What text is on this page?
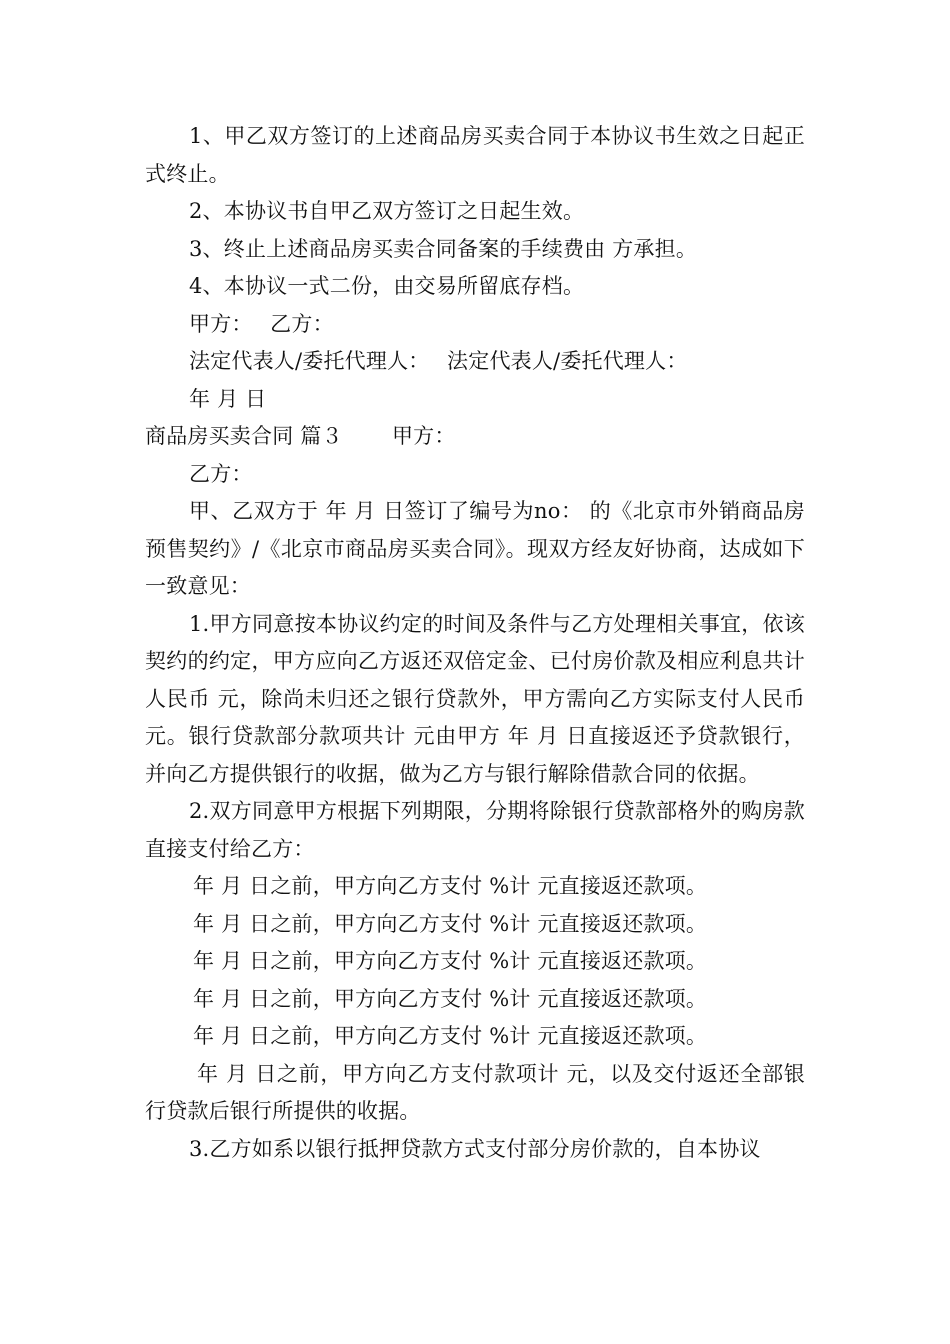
1、甲乙双方签订的上述商品房买卖合同于本协议书生效之日起正式终止。

2、本协议书自甲乙双方签订之日起生效。

3、终止上述商品房买卖合同备案的手续费由 方承担。

4、本协议一式二份，由交易所留底存档。

甲方：　 乙方：

法定代表人/委托代理人：　 法定代表人/委托代理人：

年 月 日

商品房买卖合同 篇３　　 甲方：

乙方：

甲、乙双方于 年 月 日签订了编号为no： 的《北京市外销商品房预售契约》/《北京市商品房买卖合同》。现双方经友好协商，达成如下一致意见：

1.甲方同意按本协议约定的时间及条件与乙方处理相关事宜，依该契约的约定，甲方应向乙方返还双倍定金、已付房价款及相应利息共计人民币 元，除尚未归还之银行贷款外，甲方需向乙方实际支付人民币 元。银行贷款部分款项共计 元由甲方 年 月 日直接返还予贷款银行，并向乙方提供银行的收据，做为乙方与银行解除借款合同的依据。

2.双方同意甲方根据下列期限，分期将除银行贷款部格外的购房款直接支付给乙方：

年 月 日之前，甲方向乙方支付 %计 元直接返还款项。

年 月 日之前，甲方向乙方支付 %计 元直接返还款项。

年 月 日之前，甲方向乙方支付 %计 元直接返还款项。

年 月 日之前，甲方向乙方支付 %计 元直接返还款项。

年 月 日之前，甲方向乙方支付 %计 元直接返还款项。

年 月 日之前，甲方向乙方支付款项计 元，以及交付返还全部银行贷款后银行所提供的收据。

3.乙方如系以银行抵押贷款方式支付部分房价款的，自本协议
